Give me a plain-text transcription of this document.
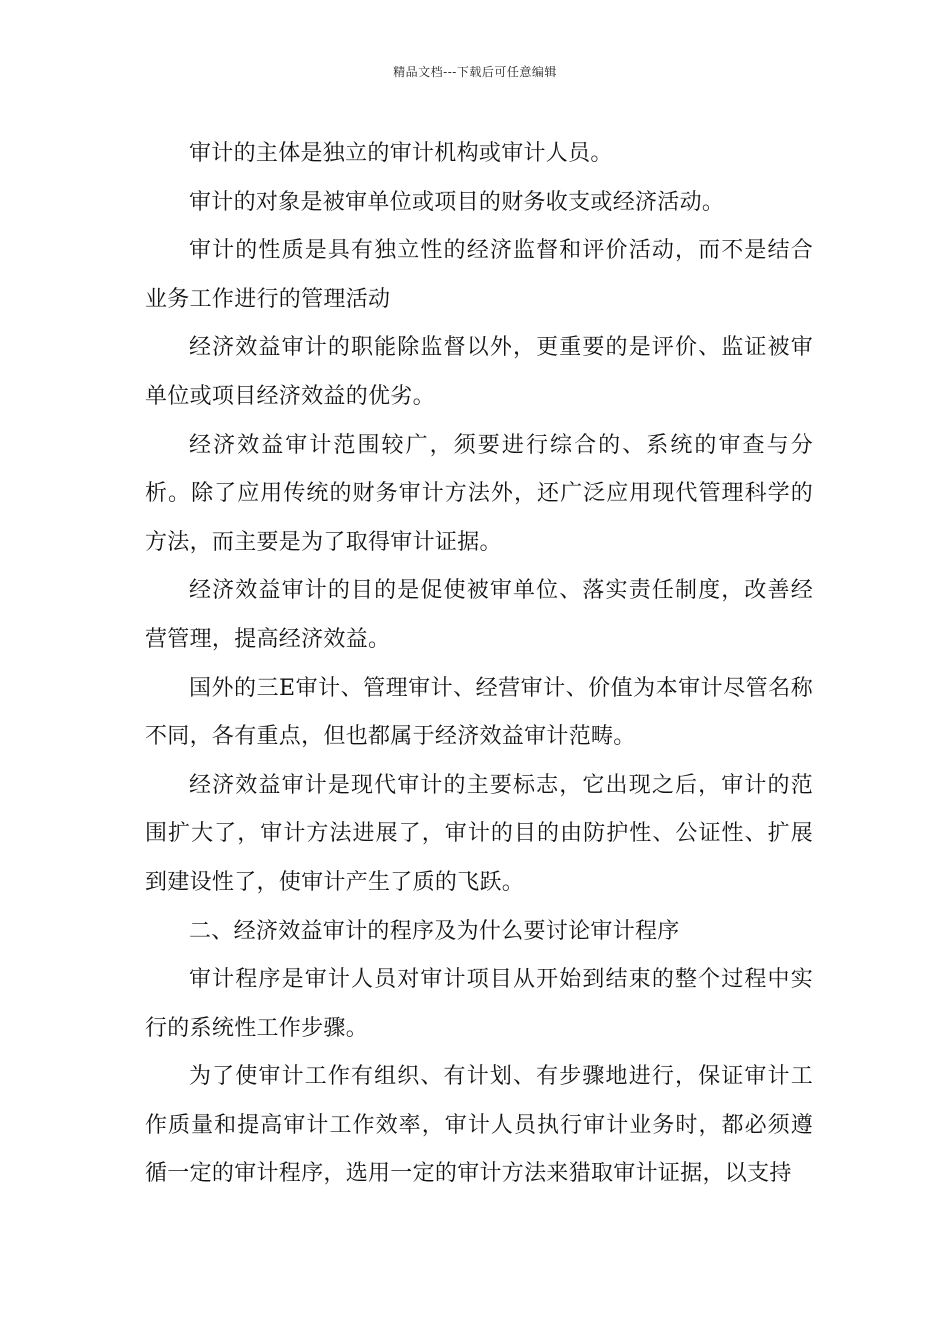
精品文档---下载后可任意编辑

审计的主体是独立的审计机构或审计人员。

审计的对象是被审单位或项目的财务收支或经济活动。

审计的性质是具有独立性的经济监督和评价活动，而不是结合业务工作进行的管理活动

经济效益审计的职能除监督以外，更重要的是评价、监证被审单位或项目经济效益的优劣。

经济效益审计范围较广，须要进行综合的、系统的审查与分析。除了应用传统的财务审计方法外，还广泛应用现代管理科学的方法，而主要是为了取得审计证据。

经济效益审计的目的是促使被审单位、落实责任制度，改善经营管理，提高经济效益。

国外的三E审计、管理审计、经营审计、价值为本审计尽管名称不同，各有重点，但也都属于经济效益审计范畴。

经济效益审计是现代审计的主要标志，它出现之后，审计的范围扩大了，审计方法进展了，审计的目的由防护性、公证性、扩展到建设性了，使审计产生了质的飞跃。

二、经济效益审计的程序及为什么要讨论审计程序

审计程序是审计人员对审计项目从开始到结束的整个过程中实行的系统性工作步骤。

为了使审计工作有组织、有计划、有步骤地进行，保证审计工作质量和提高审计工作效率，审计人员执行审计业务时，都必须遵循一定的审计程序，选用一定的审计方法来猎取审计证据，以支持
